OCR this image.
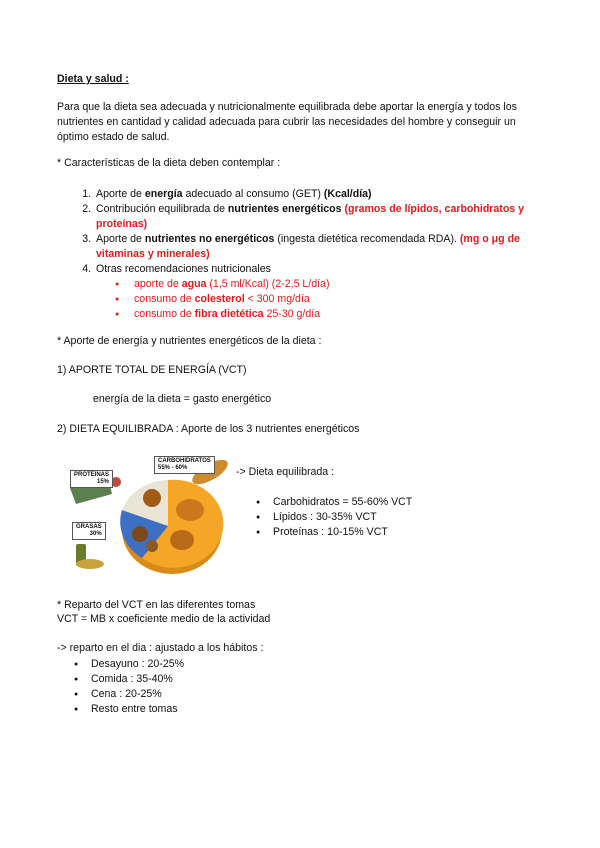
Dieta y salud :
Para que la dieta sea adecuada y nutricionalmente equilibrada debe aportar la energía y todos los nutrientes en cantidad y calidad adecuada para cubrir las necesidades del hombre y conseguir un óptimo estado de salud.
* Características de la dieta deben contemplar :
1. Aporte de energía adecuado al consumo (GET) (Kcal/día)
2. Contribución equilibrada de nutrientes energéticos (gramos de lípidos, carbohidratos y proteínas)
3. Aporte de nutrientes no energéticos (ingesta dietética recomendada RDA). (mg o μg de vitaminas y minerales)
4. Otras recomendaciones nutricionales
● aporte de agua (1,5 ml/Kcal) (2-2,5 L/día)
● consumo de colesterol < 300 mg/día
● consumo de fibra dietética 25-30 g/día
* Aporte de energía y nutrientes energéticos de la dieta :
1) APORTE TOTAL DE ENERGÍA (VCT)
energía de la dieta = gasto energético
2) DIETA EQUILIBRADA : Aporte de los 3 nutrientes energéticos
PROTEINAS
15%
CARBOHIDRATOS
55% - 60%
GRASAS
30%
-> Dieta equilibrada :
● Carbohidratos = 55-60% VCT
● Lípidos : 30-35% VCT
● Proteínas : 10-15% VCT
* Reparto del VCT en las diferentes tomas
VCT = MB x coeficiente medio de la actividad
-> reparto en el dia : ajustado a los hábitos :
● Desayuno : 20-25%
● Comida : 35-40%
● Cena : 20-25%
● Resto entre tomas
